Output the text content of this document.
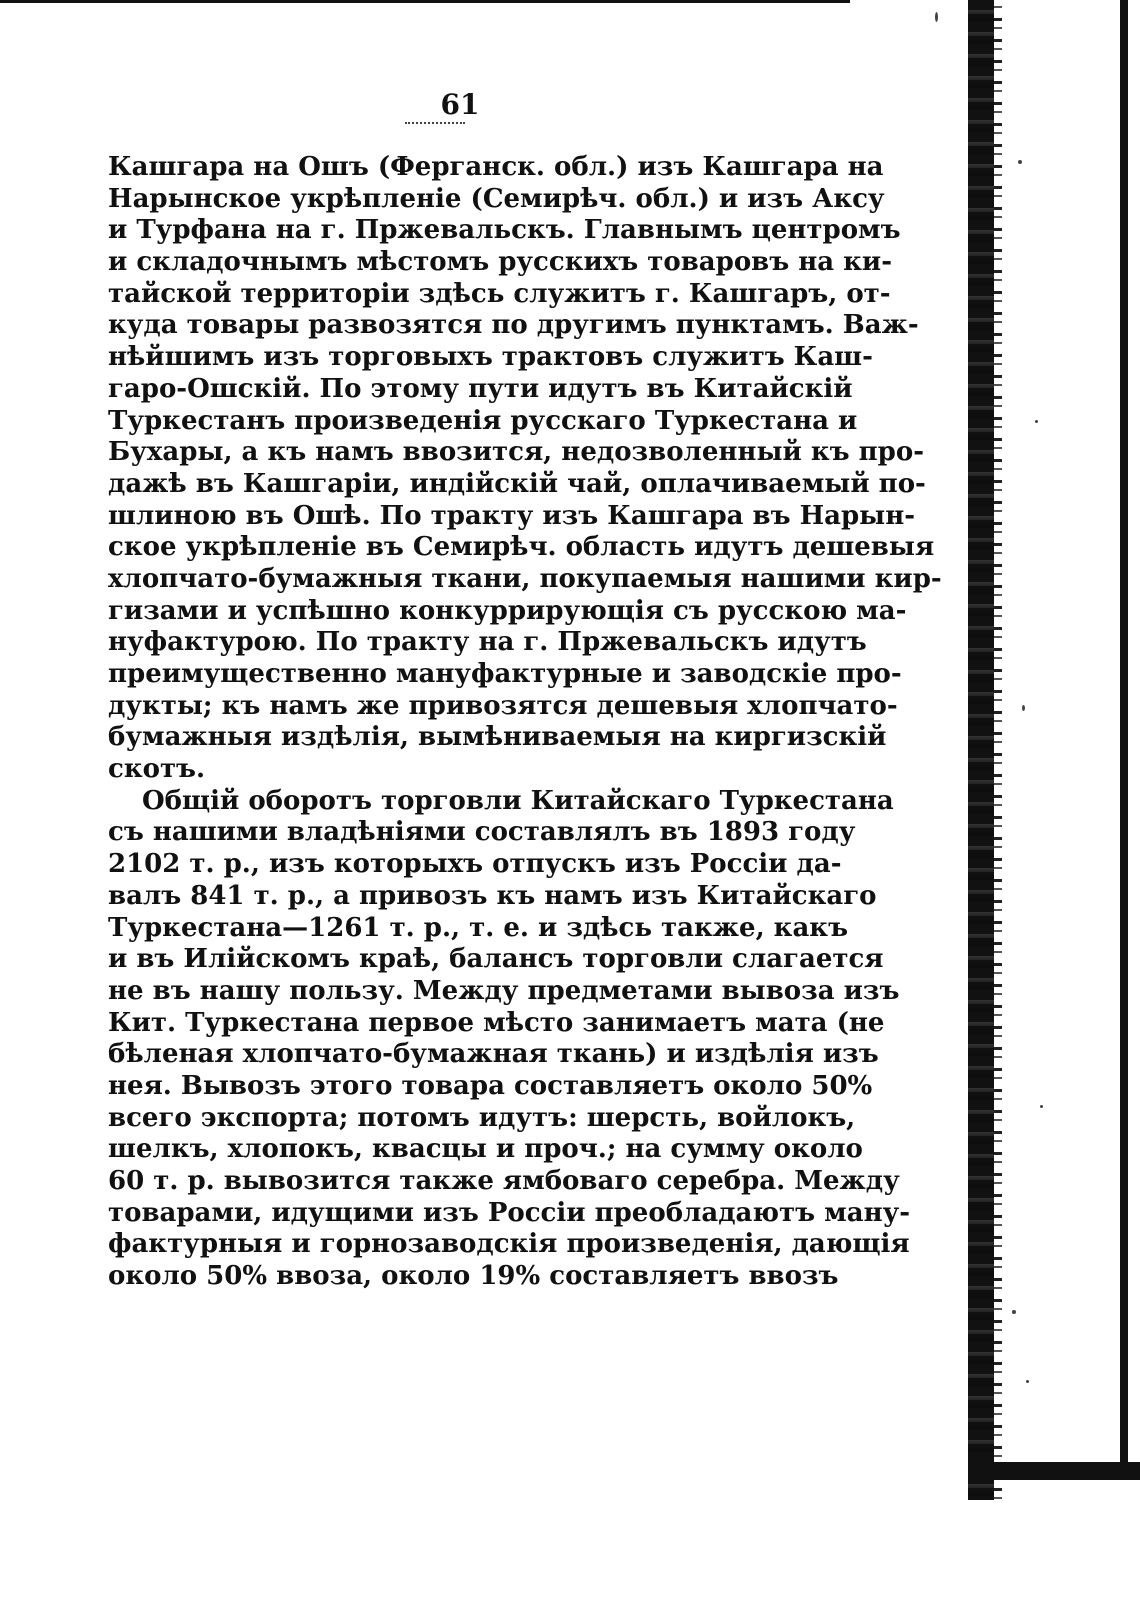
61
Кашгара на Ошъ (Ферганск. обл.) изъ Кашгара на
Нарынское укрѣпленіе (Семирѣч. обл.) и изъ Аксу
и Турфана на г. Пржевальскъ. Главнымъ центромъ
и складочнымъ мѣстомъ русскихъ товаровъ на ки-
тайской территоріи здѣсь служитъ г. Кашгаръ, от-
куда товары развозятся по другимъ пунктамъ. Важ-
нѣйшимъ изъ торговыхъ трактовъ служитъ Каш-
гаро-Ошскій. По этому пути идутъ въ Китайскій
Туркестанъ произведенія русскаго Туркестана и
Бухары, а къ намъ ввозится, недозволенный къ про-
дажѣ въ Кашгаріи, индійскій чай, оплачиваемый по-
шлиною въ Ошѣ. По тракту изъ Кашгара въ Нарын-
ское укрѣпленіе въ Семирѣч. область идутъ дешевыя
хлопчато-бумажныя ткани, покупаемыя нашими кир-
гизами и успѣшно конкуррирующія съ русскою ма-
нуфактурою. По тракту на г. Пржевальскъ идутъ
преимущественно мануфактурные и заводскіе про-
дукты; къ намъ же привозятся дешевыя хлопчато-
бумажныя издѣлія, вымѣниваемыя на киргизскій
скотъ.
Общій оборотъ торговли Китайскаго Туркестана
съ нашими владѣніями составлялъ въ 1893 году
2102 т. р., изъ которыхъ отпускъ изъ Россіи да-
валъ 841 т. р., а привозъ къ намъ изъ Китайскаго
Туркестана—1261 т. р., т. е. и здѣсь также, какъ
и въ Илійскомъ краѣ, балансъ торговли слагается
не въ нашу пользу. Между предметами вывоза изъ
Кит. Туркестана первое мѣсто занимаетъ мата (не
бѣленая хлопчато-бумажная ткань) и издѣлія изъ
нея. Вывозъ этого товара составляетъ около 50%
всего экспорта; потомъ идутъ: шерсть, войлокъ,
шелкъ, хлопокъ, квасцы и проч.; на сумму около
60 т. р. вывозится также ямбоваго серебра. Между
товарами, идущими изъ Россіи преобладаютъ ману-
фактурныя и горнозаводскія произведенія, дающія
около 50% ввоза, около 19% составляетъ ввозъ
